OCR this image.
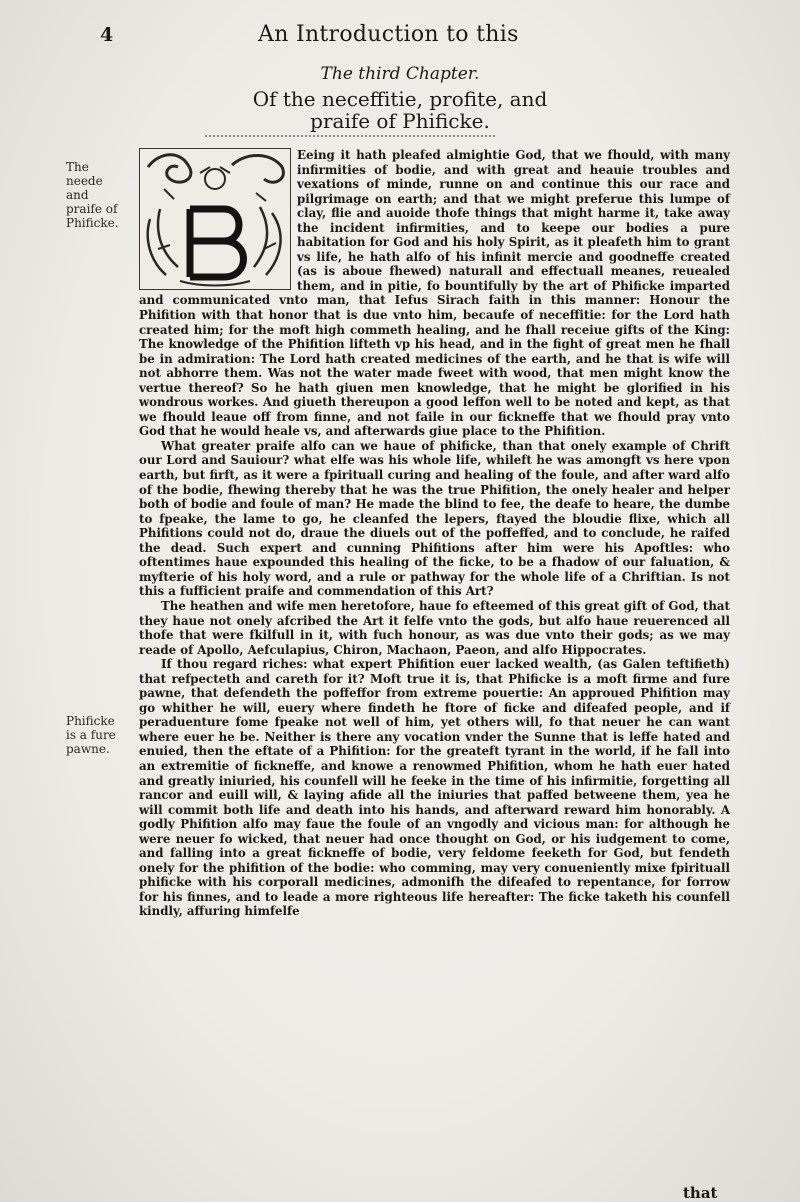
4	An Introduction to this
The third Chapter.
Of the neceffitie, profite, and praife of Phificke.
The neede and praife of Phificke.
Phificke is a fure pawne.

Eeing it hath pleafed almightie God, that we fhould, with many infirmities of bodie, and with great and heauie troubles and vexations of minde, runne on and continue this our race and pilgrimage on earth; and that we might preferue this lumpe of clay, flie and auoide thofe things that might harme it, take away the incident infirmities, and to keepe our bodies a pure habitation for God and his holy Spirit, as it pleafeth him to grant vs life, he hath alfo of his infinit mercie and goodneffe created (as is aboue fhewed) naturall and effectuall meanes, reuealed them, and in pitie, fo bountifully by the art of Phificke imparted and communicated vnto man, that Iefus Sirach faith in this manner: Honour the Phifition with that honor that is due vnto him, becaufe of neceffitie: for the Lord hath created him; for the moft high commeth healing, and he fhall receiue gifts of the King: The knowledge of the Phifition lifteth vp his head, and in the fight of great men he fhall be in admiration: The Lord hath created medicines of the earth, and he that is wife will not abhorre them. Was not the water made fweet with wood, that men might know the vertue thereof? So he hath giuen men knowledge, that he might be glorified in his wondrous workes. And giueth thereupon a good leffon well to be noted and kept, as that we fhould leaue off from finne, and not faile in our fickneffe that we fhould pray vnto God that he would heale vs, and afterwards giue place to the Phifition.

What greater praife alfo can we haue of phificke, than that onely example of Chrift our Lord and Sauiour? what elfe was his whole life, whileft he was amongft vs here vpon earth, but firft, as it were a fpirituall curing and healing of the foule, and after ward alfo of the bodie, fhewing thereby that he was the true Phifition, the onely healer and helper both of bodie and foule of man? He made the blind to fee, the deafe to heare, the dumbe to fpeake, the lame to go, he cleanfed the lepers, ftayed the bloudie flixe, which all Phifitions could not do, draue the diuels out of the poffeffed, and to conclude, he raifed the dead. Such expert and cunning Phifitions after him were his Apoftles: who oftentimes haue expounded this healing of the ficke, to be a fhadow of our faluation, & myfterie of his holy word, and a rule or pathway for the whole life of a Chriftian. Is not this a fufficient praife and commendation of this Art?

The heathen and wife men heretofore, haue fo efteemed of this great gift of God, that they haue not onely afcribed the Art it felfe vnto the gods, but alfo haue reuerenced all thofe that were fkilfull in it, with fuch honour, as was due vnto their gods; as we may reade of Apollo, Aefculapius, Chiron, Machaon, Paeon, and alfo Hippocrates.

If thou regard riches: what expert Phifition euer lacked wealth, (as Galen teftifieth) that refpecteth and careth for it? Moft true it is, that Phificke is a moft firme and fure pawne, that defendeth the poffeffor from extreme pouertie: An approued Phifition may go whither he will, euery where findeth he ftore of ficke and difeafed people, and if peraduenture fome fpeake not well of him, yet others will, fo that neuer he can want where euer he be. Neither is there any vocation vnder the Sunne that is leffe hated and enuied, then the eftate of a Phifition: for the greateft tyrant in the world, if he fall into an extremitie of fickneffe, and knowe a renowmed Phifition, whom he hath euer hated and greatly iniuried, his counfell will he feeke in the time of his infirmitie, forgetting all rancor and euill will, & laying afide all the iniuries that paffed betweene them, yea he will commit both life and death into his hands, and afterward reward him honorably. A godly Phifition alfo may faue the foule of an vngodly and vicious man: for although he were neuer fo wicked, that neuer had once thought on God, or his iudgement to come, and falling into a great fickneffe of bodie, very feldome feeketh for God, but fendeth onely for the phifition of the bodie: who comming, may very conueniently mixe fpirituall phificke with his corporall medicines, admonifh the difeafed to repentance, for forrow for his finnes, and to leade a more righteous life hereafter: The ficke taketh his counfell kindly, affuring himfelfe

that
